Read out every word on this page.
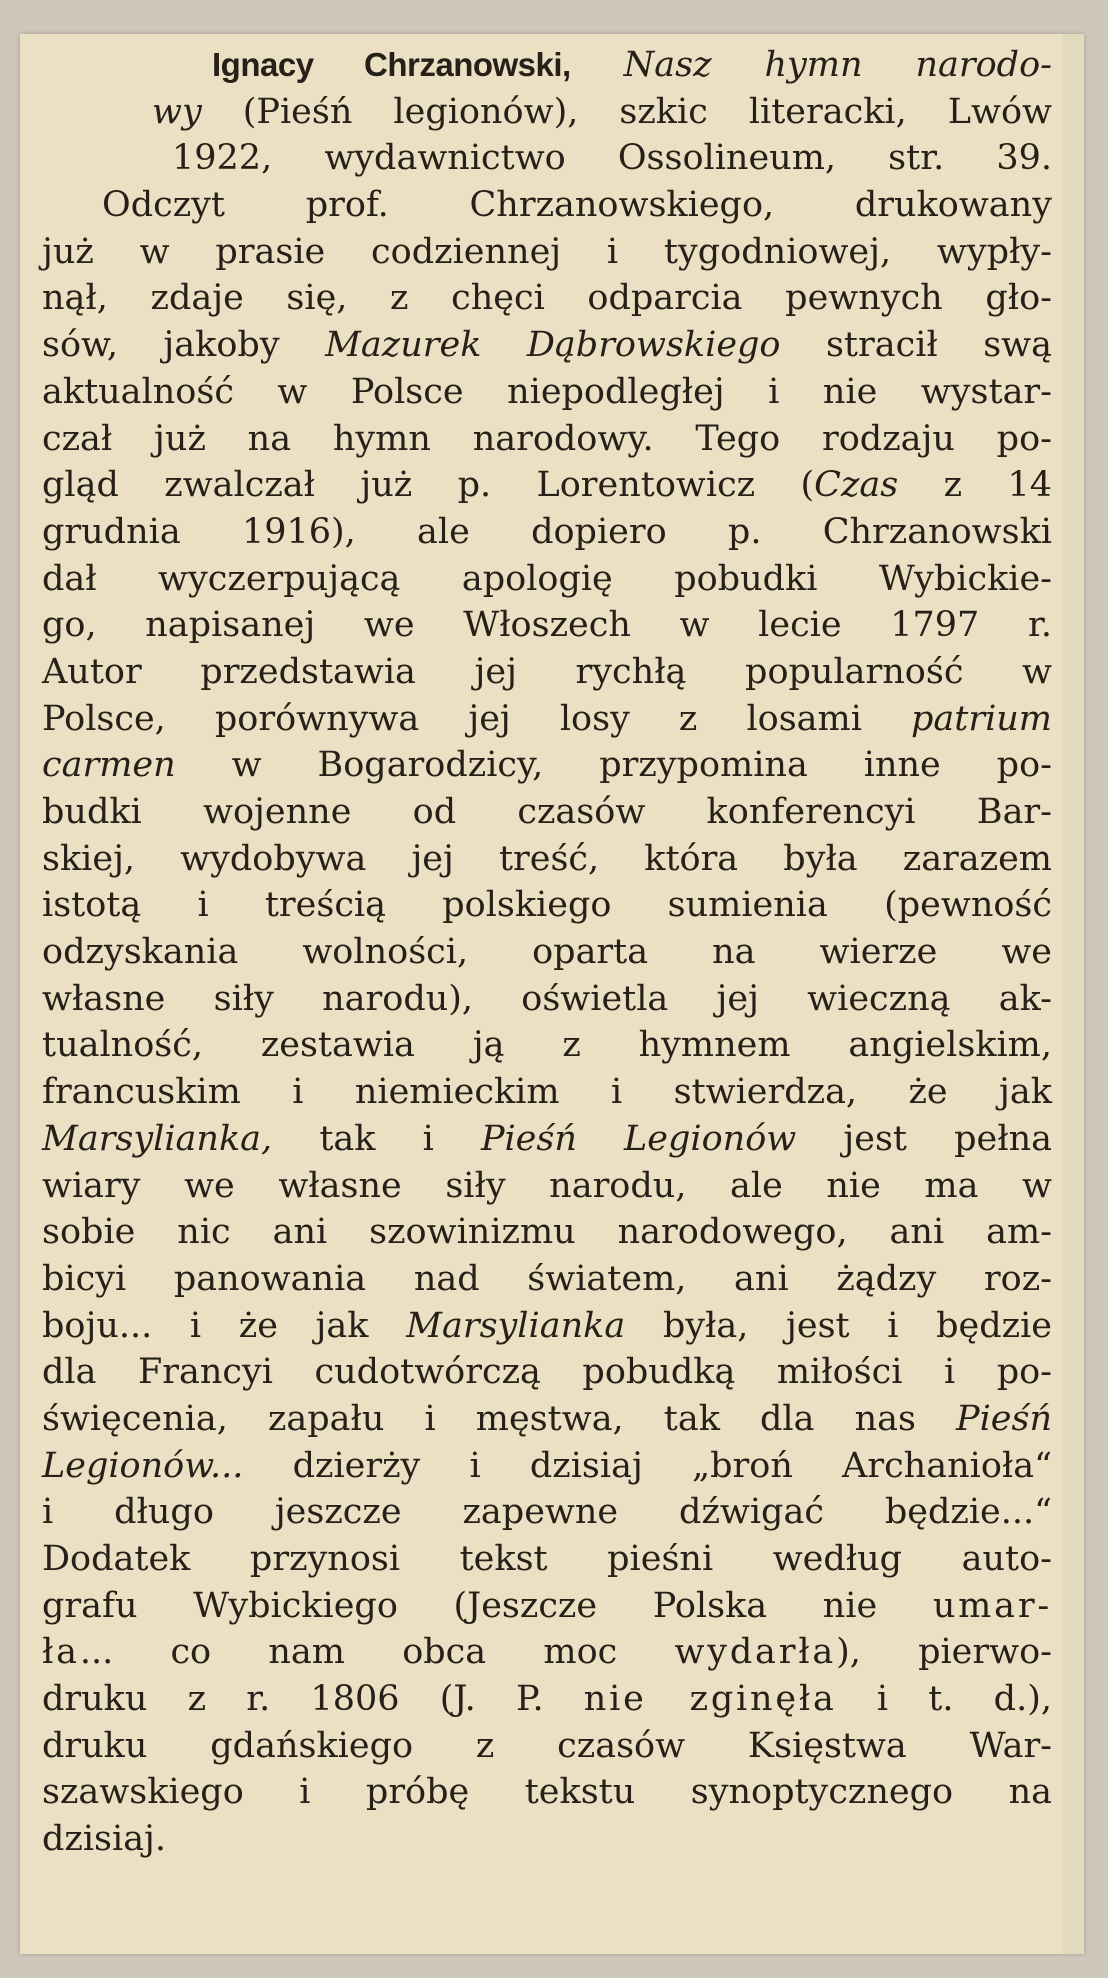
Ignacy Chrzanowski, Nasz hymn narodo-
wy (Pieśń legionów), szkic literacki, Lwów
1922, wydawnictwo Ossolineum, str. 39.
Odczyt prof. Chrzanowskiego, drukowany
już w prasie codziennej i tygodniowej, wypły-
nął, zdaje się, z chęci odparcia pewnych gło-
sów, jakoby Mazurek Dąbrowskiego stracił swą
aktualność w Polsce niepodległej i nie wystar-
czał już na hymn narodowy. Tego rodzaju po-
gląd zwalczał już p. Lorentowicz (Czas z 14
grudnia 1916), ale dopiero p. Chrzanowski
dał wyczerpującą apologię pobudki Wybickie-
go, napisanej we Włoszech w lecie 1797 r.
Autor przedstawia jej rychłą popularność w
Polsce, porównywa jej losy z losami patrium
carmen w Bogarodzicy, przypomina inne po-
budki wojenne od czasów konferencyi Bar-
skiej, wydobywa jej treść, która była zarazem
istotą i treścią polskiego sumienia (pewność
odzyskania wolności, oparta na wierze we
własne siły narodu), oświetla jej wieczną ak-
tualność, zestawia ją z hymnem angielskim,
francuskim i niemieckim i stwierdza, że jak
Marsylianka, tak i Pieśń Legionów jest pełna
wiary we własne siły narodu, ale nie ma w
sobie nic ani szowinizmu narodowego, ani am-
bicyi panowania nad światem, ani żądzy roz-
boju... i że jak Marsylianka była, jest i będzie
dla Francyi cudotwórczą pobudką miłości i po-
święcenia, zapału i męstwa, tak dla nas Pieśń
Legionów... dzierży i dzisiaj „broń Archanioła“
i długo jeszcze zapewne dźwigać będzie...“
Dodatek przynosi tekst pieśni według auto-
grafu Wybickiego (Jeszcze Polska nie umar-
ła... co nam obca moc wydarła), pierwo-
druku z r. 1806 (J. P. nie zginęła i t. d.),
druku gdańskiego z czasów Księstwa War-
szawskiego i próbę tekstu synoptycznego na
dzisiaj.
